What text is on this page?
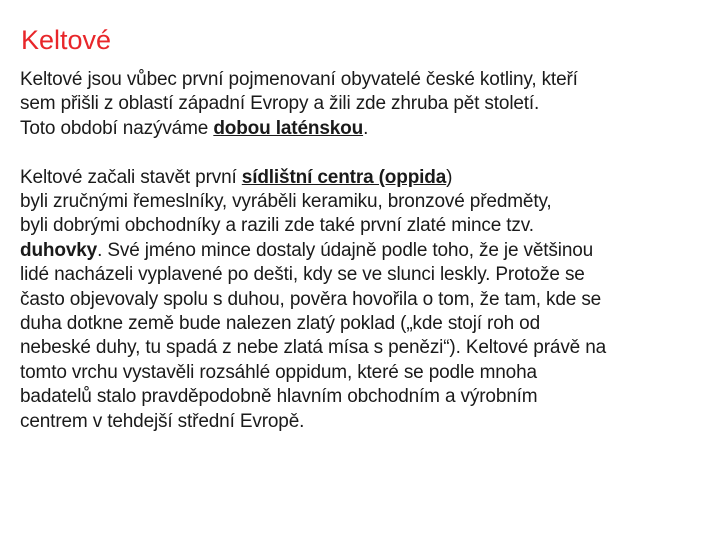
Keltové

Keltové jsou vůbec první pojmenovaní obyvatelé české kotliny, kteří
sem přišli z oblastí západní Evropy a žili zde zhruba pět století.
Toto období nazýváme dobou laténskou.

Keltové začali stavět první sídlištní centra (oppida)
byli zručnými řemeslníky, vyráběli keramiku, bronzové předměty,
byli dobrými obchodníky a razili zde také první zlaté mince tzv.
duhovky. Své jméno mince dostaly údajně podle toho, že je většinou
lidé nacházeli vyplavené po dešti, kdy se ve slunci leskly. Protože se
často objevovaly spolu s duhou, pověra hovořila o tom, že tam, kde se
duha dotkne země bude nalezen zlatý poklad („kde stojí roh od
nebeské duhy, tu spadá z nebe zlatá mísa s penězi“). Keltové právě na
tomto vrchu vystavěli rozsáhlé oppidum, které se podle mnoha
badatelů stalo pravděpodobně hlavním obchodním a výrobním
centrem v tehdejší střední Evropě.
